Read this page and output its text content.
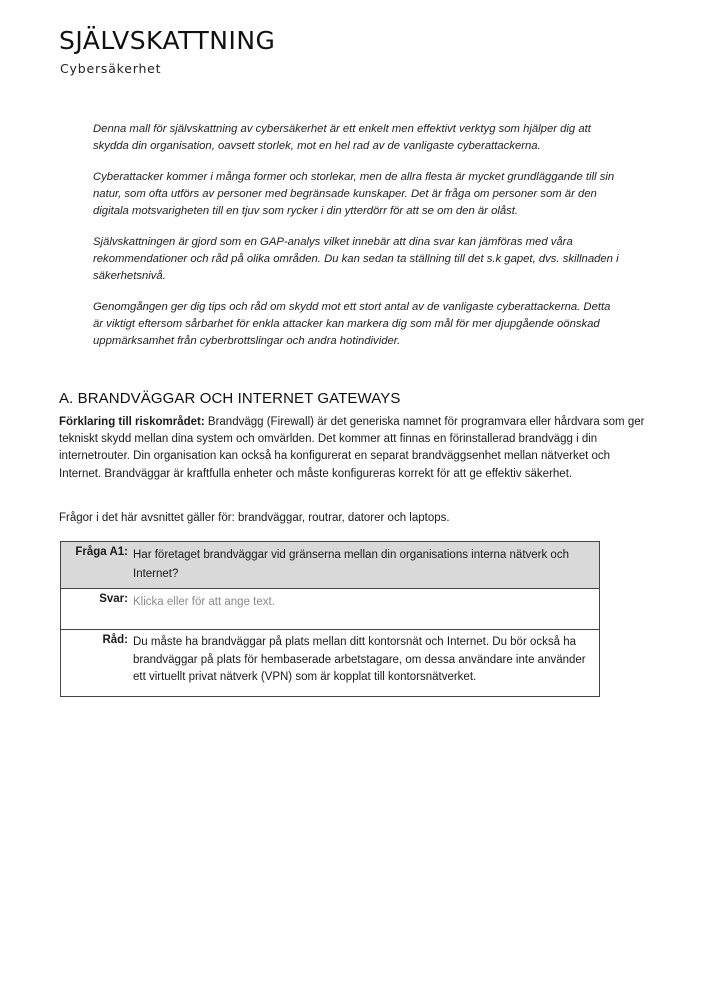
SJÄLVSKATTNING
Cybersäkerhet

Denna mall för självskattning av cybersäkerhet är ett enkelt men effektivt verktyg som hjälper dig att skydda din organisation, oavsett storlek, mot en hel rad av de vanligaste cyberattackerna.

Cyberattacker kommer i många former och storlekar, men de allra flesta är mycket grundläggande till sin natur, som ofta utförs av personer med begränsade kunskaper. Det är fråga om personer som är den digitala motsvarigheten till en tjuv som rycker i din ytterdörr för att se om den är olåst.

Självskattningen är gjord som en GAP-analys vilket innebär att dina svar kan jämföras med våra rekommendationer och råd på olika områden. Du kan sedan ta ställning till det s.k gapet, dvs. skillnaden i säkerhetsnivå.

Genomgången ger dig tips och råd om skydd mot ett stort antal av de vanligaste cyberattackerna. Detta är viktigt eftersom sårbarhet för enkla attacker kan markera dig som mål för mer djupgående oönskad uppmärksamhet från cyberbrottslingar och andra hotindivider.

A. BRANDVÄGGAR OCH INTERNET GATEWAYS
Förklaring till riskområdet: Brandvägg (Firewall) är det generiska namnet för programvara eller hårdvara som ger tekniskt skydd mellan dina system och omvärlden. Det kommer att finnas en förinstallerad brandvägg i din internetrouter. Din organisation kan också ha konfigurerat en separat brandväggsenhet mellan nätverket och Internet. Brandväggar är kraftfulla enheter och måste konfigureras korrekt för att ge effektiv säkerhet.
Frågor i det här avsnittet gäller för: brandväggar, routrar, datorer och laptops.
Fråga A1: Har företaget brandväggar vid gränserna mellan din organisations interna nätverk och Internet?
Svar: Klicka eller för att ange text.
Råd: Du måste ha brandväggar på plats mellan ditt kontorsnät och Internet. Du bör också ha brandväggar på plats för hembaserade arbetstagare, om dessa användare inte använder ett virtuellt privat nätverk (VPN) som är kopplat till kontorsnätverket.
